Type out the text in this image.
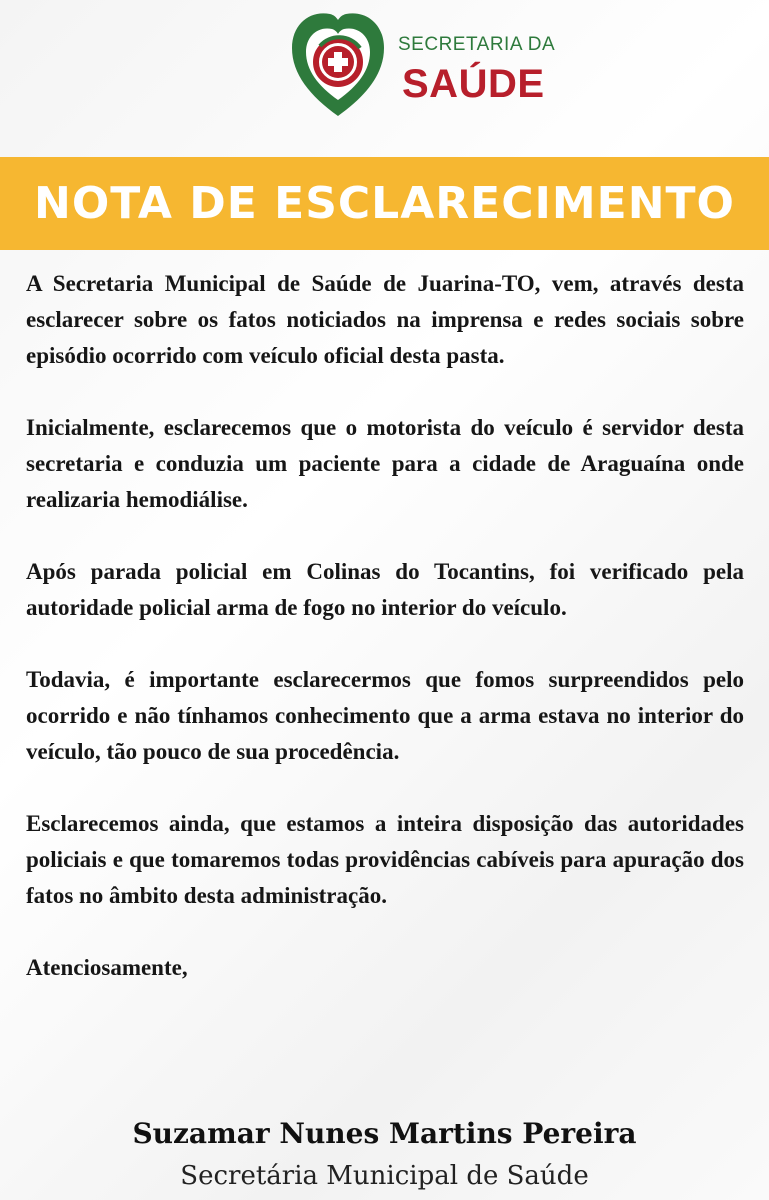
SECRETARIA DA
SAÚDE
NOTA DE ESCLARECIMENTO

A Secretaria Municipal de Saúde de Juarina-TO, vem, através desta esclarecer sobre os fatos noticiados na imprensa e redes sociais sobre episódio ocorrido com veículo oficial desta pasta.

Inicialmente, esclarecemos que o motorista do veículo é servidor desta secretaria e conduzia um paciente para a cidade de Araguaína onde realizaria hemodiálise.

Após parada policial em Colinas do Tocantins, foi verificado pela autoridade policial arma de fogo no interior do veículo.

Todavia, é importante esclarecermos que fomos surpreendidos pelo ocorrido e não tínhamos conhecimento que a arma estava no interior do veículo, tão pouco de sua procedência.

Esclarecemos ainda, que estamos a inteira disposição das autoridades policiais e que tomaremos todas providências cabíveis para apuração dos fatos no âmbito desta administração.

Atenciosamente,

Suzamar Nunes Martins Pereira
Secretária Municipal de Saúde
